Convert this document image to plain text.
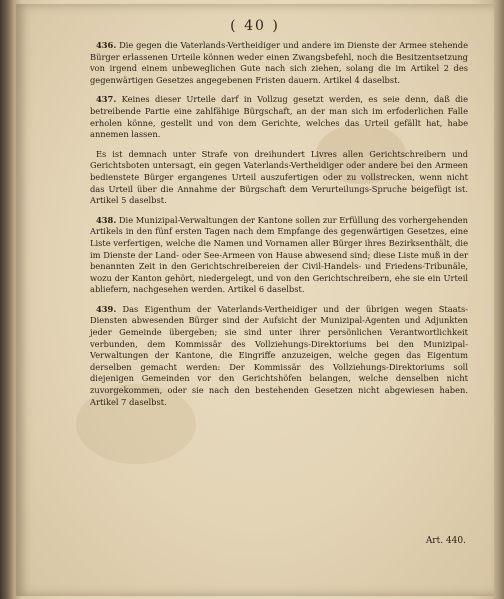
( 40 )

436. Die gegen die Vaterlands-Vertheidiger und andere im Dienste der Armee stehende Bürger erlassenen Urteile können weder einen Zwangsbefehl, noch die Besitzentsetzung von irgend einem unbeweglichen Gute nach sich ziehen, solang die im Artikel 2 des gegenwärtigen Gesetzes angegebenen Fristen dauern. Artikel 4 daselbst.

437. Keines dieser Urteile darf in Vollzug gesetzt werden, es seie denn, daß die betreibende Partie eine zahlfähige Bürgschaft, an der man sich im erfoderlichen Falle erholen könne, gestellt und von dem Gerichte, welches das Urteil gefällt hat, habe annemen lassen.

Es ist demnach unter Strafe von dreihundert Livres allen Gerichtschreibern und Gerichtsboten untersagt, ein gegen Vaterlands-Vertheidiger oder andere bei den Armeen bedienstete Bürger ergangenes Urteil auszufertigen oder zu vollstrecken, wenn nicht das Urteil über die Annahme der Bürgschaft dem Verurteilungs-Spruche beigefügt ist. Artikel 5 daselbst.

438. Die Munizipal-Verwaltungen der Kantone sollen zur Erfüllung des vorhergehenden Artikels in den fünf ersten Tagen nach dem Empfange des gegenwärtigen Gesetzes, eine Liste verfertigen, welche die Namen und Vornamen aller Bürger ihres Bezirksenthält, die im Dienste der Land- oder See-Armeen von Hause abwesend sind; diese Liste muß in der benannten Zeit in den Gerichtschreibereien der Civil-Handels- und Friedens-Tribunäle, wozu der Kanton gehört, niedergelegt, und von den Gerichtschreibern, ehe sie ein Urteil abliefern, nachgesehen werden. Artikel 6 daselbst.

439. Das Eigenthum der Vaterlands-Vertheidiger und der übrigen wegen Staats-Diensten abwesenden Bürger sind der Aufsicht der Munizipal-Agenten und Adjunkten jeder Gemeinde übergeben; sie sind unter ihrer persönlichen Verantwortlichkeit verbunden, dem Kommissär des Vollziehungs-Direktoriums bei den Munizipal-Verwaltungen der Kantone, die Eingriffe anzuzeigen, welche gegen das Eigentum derselben gemacht werden: Der Kommissär des Vollziehungs-Direktoriums soll diejenigen Gemeinden vor den Gerichtshöfen belangen, welche denselben nicht zuvorgekommen, oder sie nach den bestehenden Gesetzen nicht abgewiesen haben. Artikel 7 daselbst.

Art. 440.
